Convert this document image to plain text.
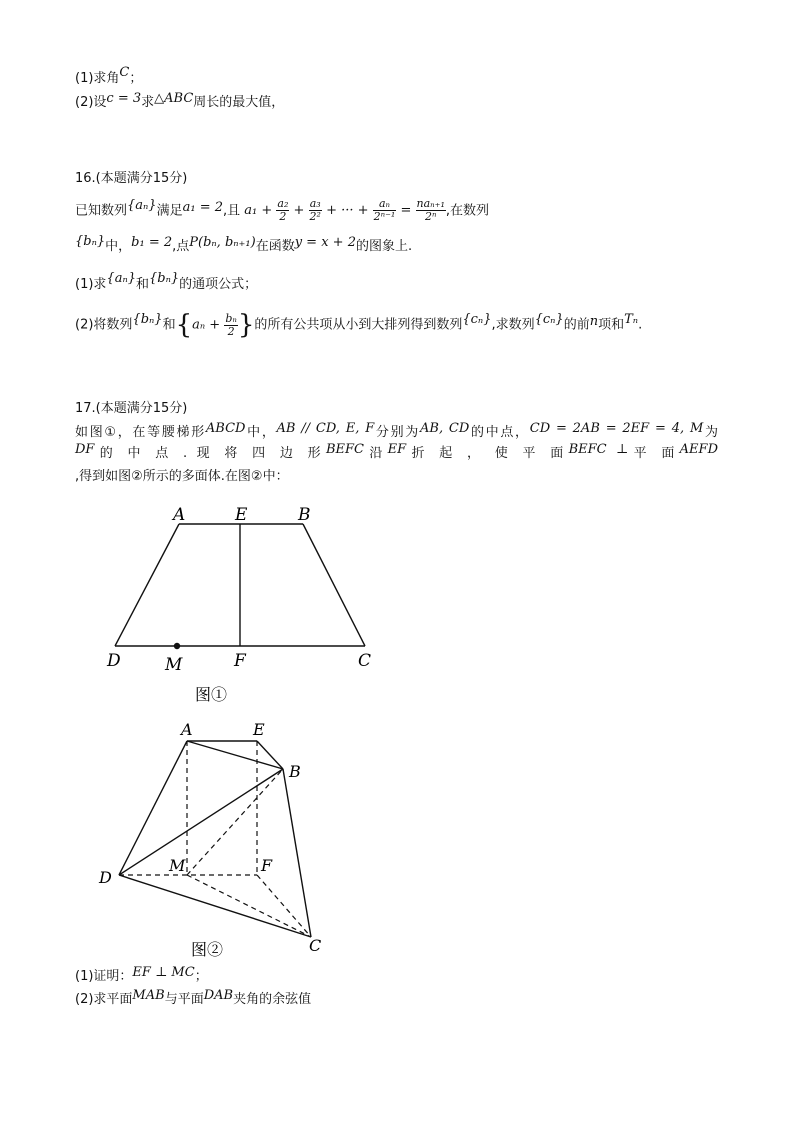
(1)求角C；
(2)设c = 3求△ABC周长的最大值，
16.(本题满分15分)
已知数列{aₙ}满足a₁ = 2,且 $a_1 + \frac{\text{a₂}}{2} + \frac{\text{a₃}}{\text{2²}}$ + ··· + $\frac{\text{aₙ}}{\text{2ⁿ⁻¹}} = \frac{\text{naₙ₊₁}}{\text{2ⁿ}}$ ,在数列
{bₙ}中，b₁ = 2,点P(bₙ, bₙ₊₁)在函数y = x + 2的图象上.
(1)求{aₙ}和{bₙ}的通项公式；
(2)将数列{bₙ}和{$a_n + \frac{\text{bₙ}}{2}$ }的所有公共项从小到大排列得到数列{cₙ},求数列{cₙ}的前n项和Tₙ.
17.(本题满分15分)
如图①，在等腰梯形ABCD中，AB // CD, E, F分别为AB, CD的中点，CD = 2AB = 2EF = 4, M为
DF的 中 点 . 现 将 四 边 形BEFC沿EF折 起 ， 使 平 面BEFC ⊥平 面AEFD
,得到如图②所示的多面体.在图②中：
A	E	B
D	M	F	C
图①
A	E
B
D
M	F
C
图②
(1)证明：EF ⊥ MC；
(2)求平面MAB与平面DAB夹角的余弦值
